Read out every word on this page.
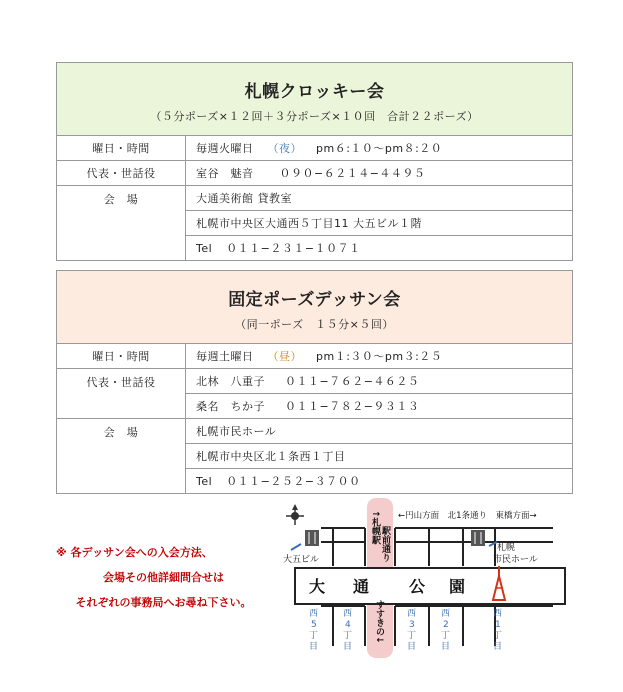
札幌クロッキー会
（５分ポーズ×１２回＋３分ポーズ×１０回　合計２２ポーズ）	

曜日・時間	毎週火曜日 （夜） pm６:１０〜pm８:２０
代表・世話役	室谷　魅音 ０９０−６２１４−４４９５
会　場	大通美術館 貸教室
	札幌市中央区大通西５丁目11 大五ビル１階
	Tel ０１１−２３１−１０７１
固定ポーズデッサン会
（同一ポーズ　１５分×５回）	

曜日・時間	毎週土曜日 （昼） pm１:３０〜pm３:２５
代表・世話役	北林　八重子 ０１１−７６２−４６２５
	桑名　ちか子 ０１１−７８２−９３１３
会　場	札幌市民ホール
	札幌市中央区北１条西１丁目
	Tel ０１１−２５２−３７００
※ 各デッサン会への入会方法、
会場その他詳細問合せは
それぞれの事務局へお尋ね下さい。
大 通 公 園
←円山方面　北1条通り　東橋方面→
↑札幌駅 駅前通り
すすきの↓
大五ビル
札幌
市民ホール
西
5
丁
目
西
4
丁
目
西
3
丁
目
西
2
丁
目
西
1
丁
目
